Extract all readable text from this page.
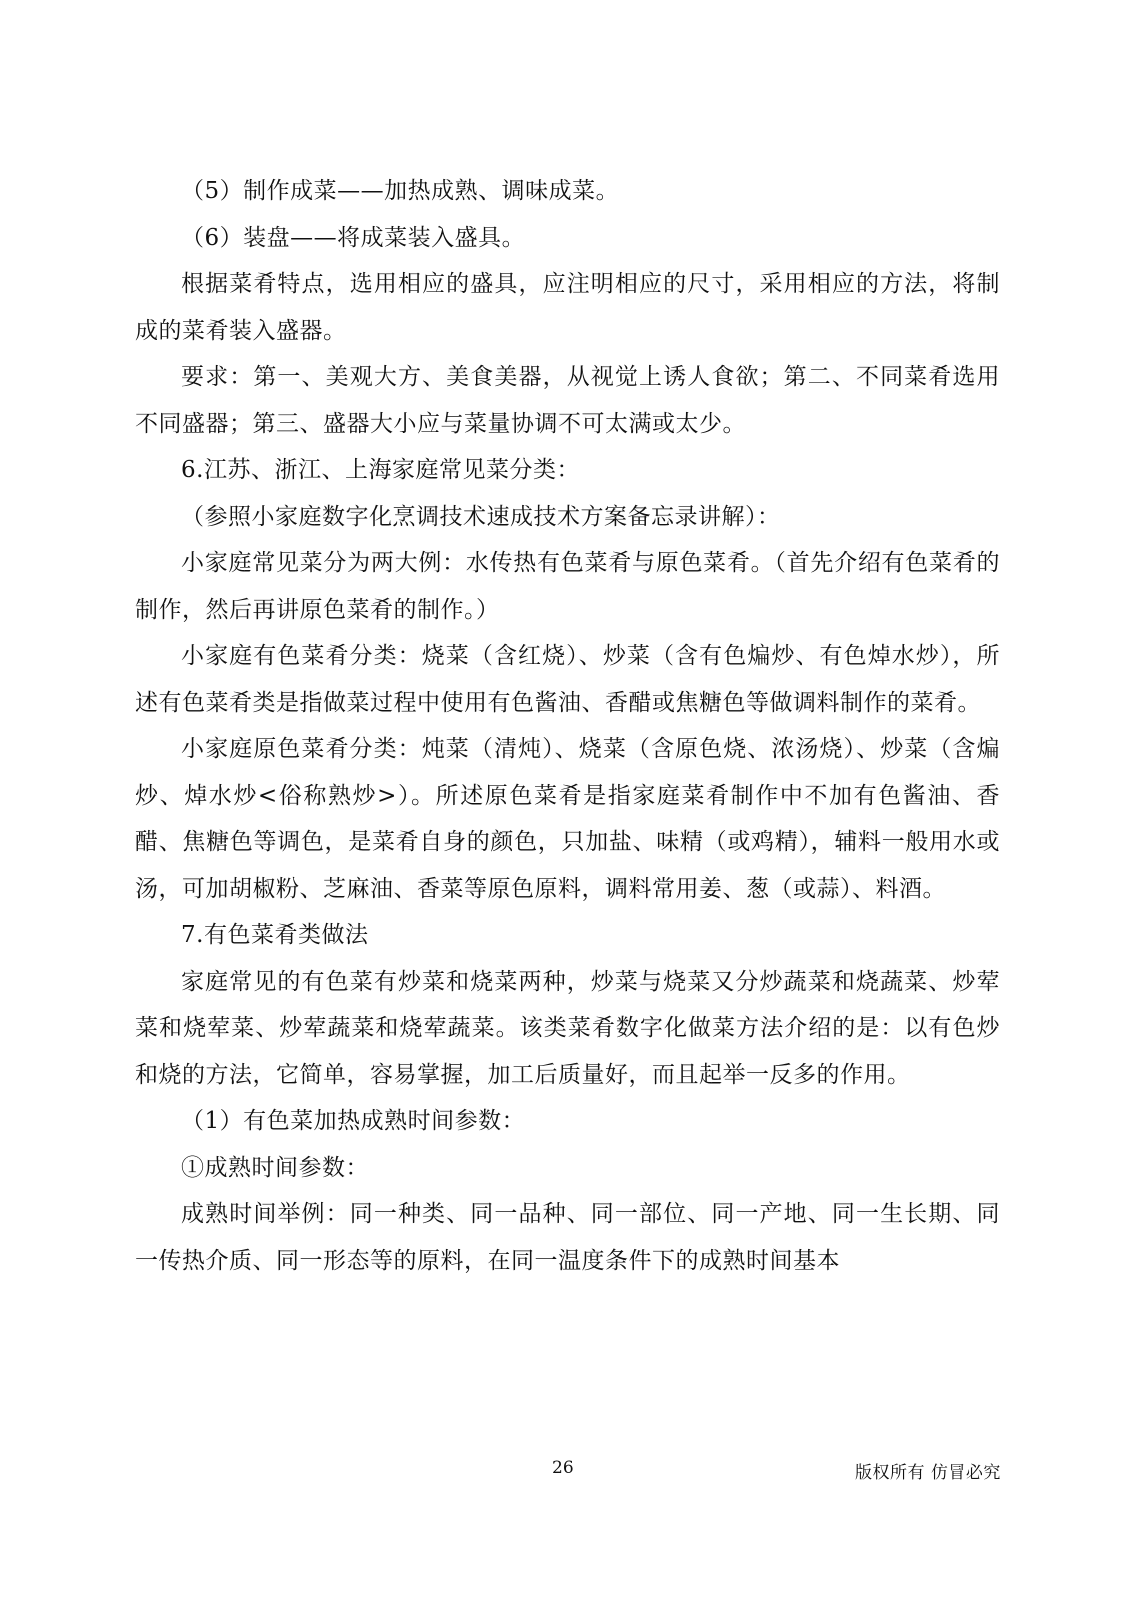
（5）制作成菜——加热成熟、调味成菜。

（6）装盘——将成菜装入盛具。

根据菜肴特点，选用相应的盛具，应注明相应的尺寸，采用相应的方法，将制成的菜肴装入盛器。

要求：第一、美观大方、美食美器，从视觉上诱人食欲；第二、不同菜肴选用不同盛器；第三、盛器大小应与菜量协调不可太满或太少。

6.江苏、浙江、上海家庭常见菜分类：

（参照小家庭数字化烹调技术速成技术方案备忘录讲解）：

小家庭常见菜分为两大例：水传热有色菜肴与原色菜肴。（首先介绍有色菜肴的制作，然后再讲原色菜肴的制作。）

小家庭有色菜肴分类：烧菜（含红烧）、炒菜（含有色煸炒、有色焯水炒），所述有色菜肴类是指做菜过程中使用有色酱油、香醋或焦糖色等做调料制作的菜肴。

小家庭原色菜肴分类：炖菜（清炖）、烧菜（含原色烧、浓汤烧）、炒菜（含煸炒、焯水炒<俗称熟炒>）。所述原色菜肴是指家庭菜肴制作中不加有色酱油、香醋、焦糖色等调色，是菜肴自身的颜色，只加盐、味精（或鸡精），辅料一般用水或汤，可加胡椒粉、芝麻油、香菜等原色原料，调料常用姜、葱（或蒜）、料酒。

7.有色菜肴类做法

家庭常见的有色菜有炒菜和烧菜两种，炒菜与烧菜又分炒蔬菜和烧蔬菜、炒荤菜和烧荤菜、炒荤蔬菜和烧荤蔬菜。该类菜肴数字化做菜方法介绍的是：以有色炒和烧的方法，它简单，容易掌握，加工后质量好，而且起举一反多的作用。

（1）有色菜加热成熟时间参数：

①成熟时间参数：

成熟时间举例：同一种类、同一品种、同一部位、同一产地、同一生长期、同一传热介质、同一形态等的原料，在同一温度条件下的成熟时间基本

26	版权所有 仿冒必究
